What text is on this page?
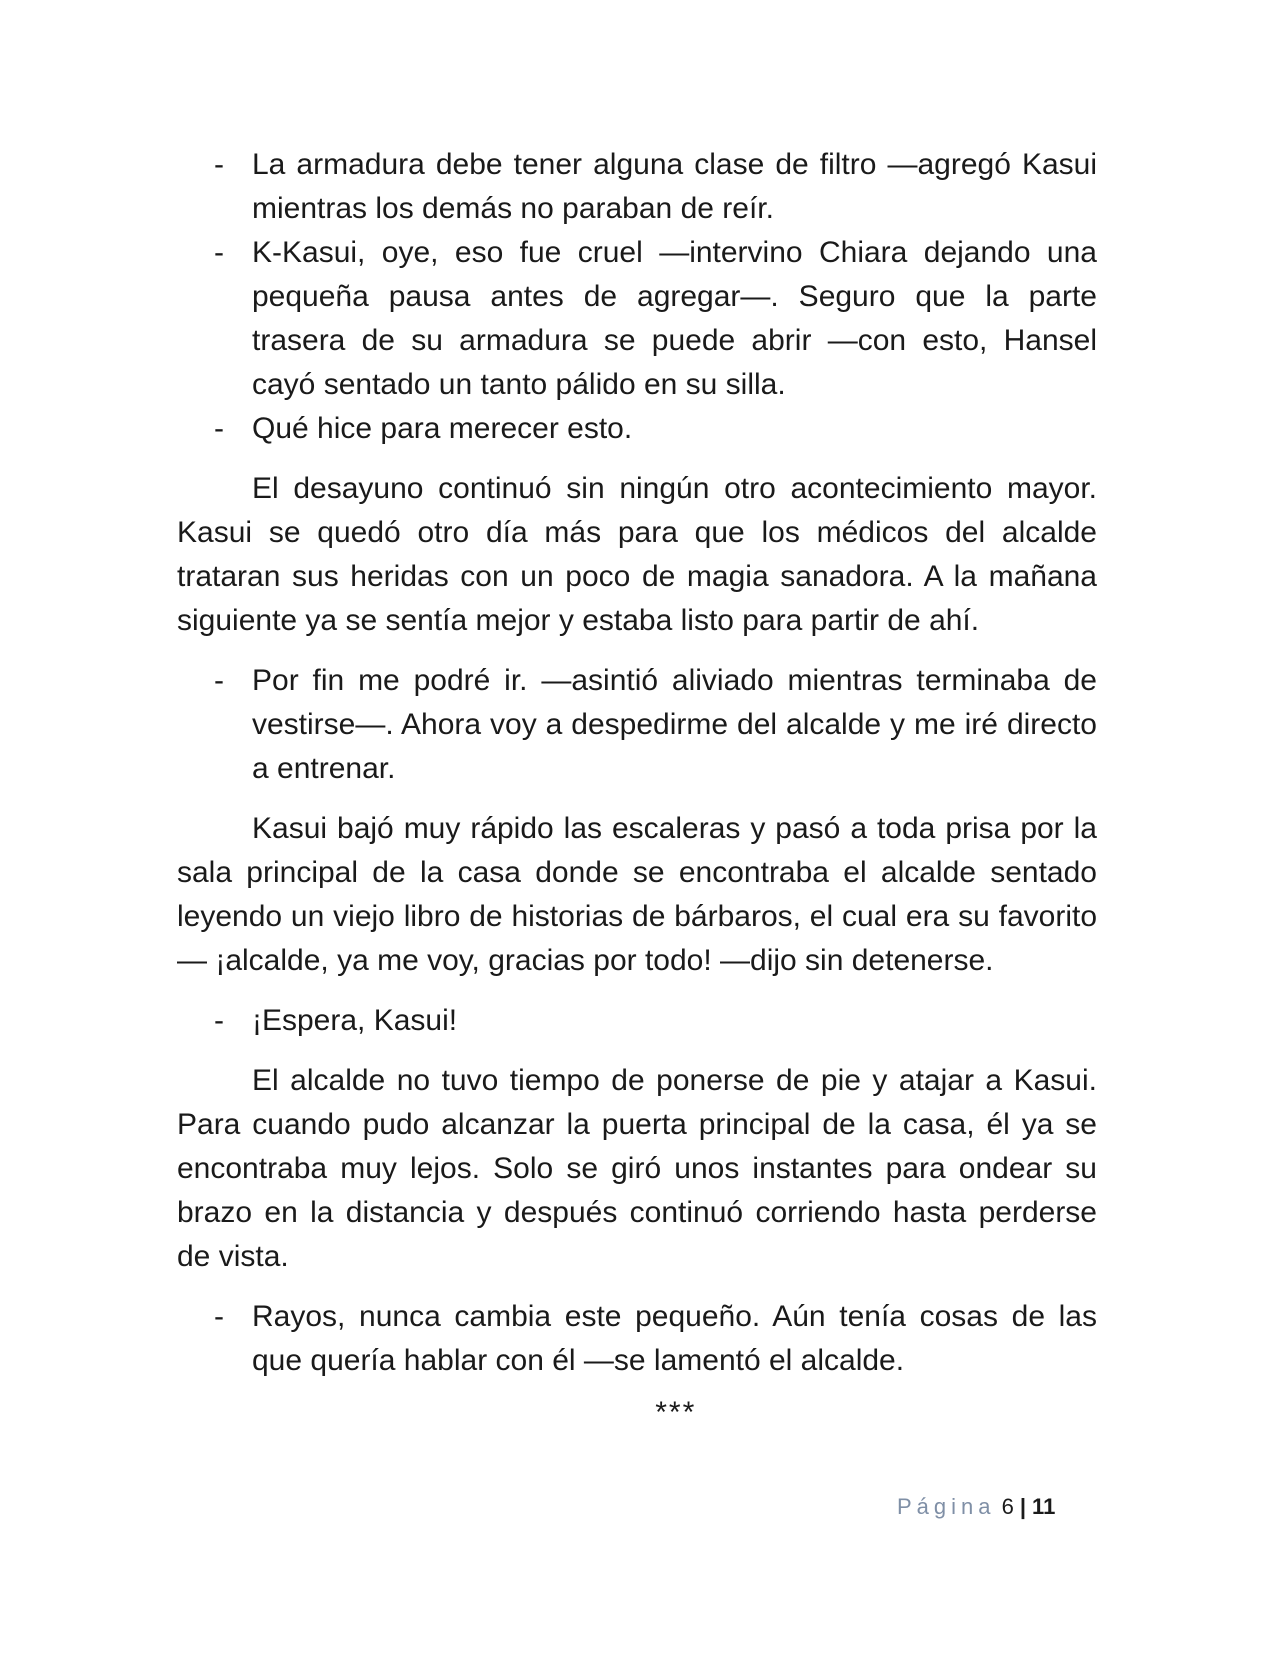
- La armadura debe tener alguna clase de filtro —agregó Kasui mientras los demás no paraban de reír.

- K-Kasui, oye, eso fue cruel —intervino Chiara dejando una pequeña pausa antes de agregar—. Seguro que la parte trasera de su armadura se puede abrir —con esto, Hansel cayó sentado un tanto pálido en su silla.

- Qué hice para merecer esto.

El desayuno continuó sin ningún otro acontecimiento mayor. Kasui se quedó otro día más para que los médicos del alcalde trataran sus heridas con un poco de magia sanadora. A la mañana siguiente ya se sentía mejor y estaba listo para partir de ahí.

- Por fin me podré ir. —asintió aliviado mientras terminaba de vestirse—. Ahora voy a despedirme del alcalde y me iré directo a entrenar.

Kasui bajó muy rápido las escaleras y pasó a toda prisa por la sala principal de la casa donde se encontraba el alcalde sentado leyendo un viejo libro de historias de bárbaros, el cual era su favorito— ¡alcalde, ya me voy, gracias por todo! —dijo sin detenerse.

- ¡Espera, Kasui!

El alcalde no tuvo tiempo de ponerse de pie y atajar a Kasui. Para cuando pudo alcanzar la puerta principal de la casa, él ya se encontraba muy lejos. Solo se giró unos instantes para ondear su brazo en la distancia y después continuó corriendo hasta perderse de vista.

- Rayos, nunca cambia este pequeño. Aún tenía cosas de las que quería hablar con él —se lamentó el alcalde.

***
Página 6 | 11
